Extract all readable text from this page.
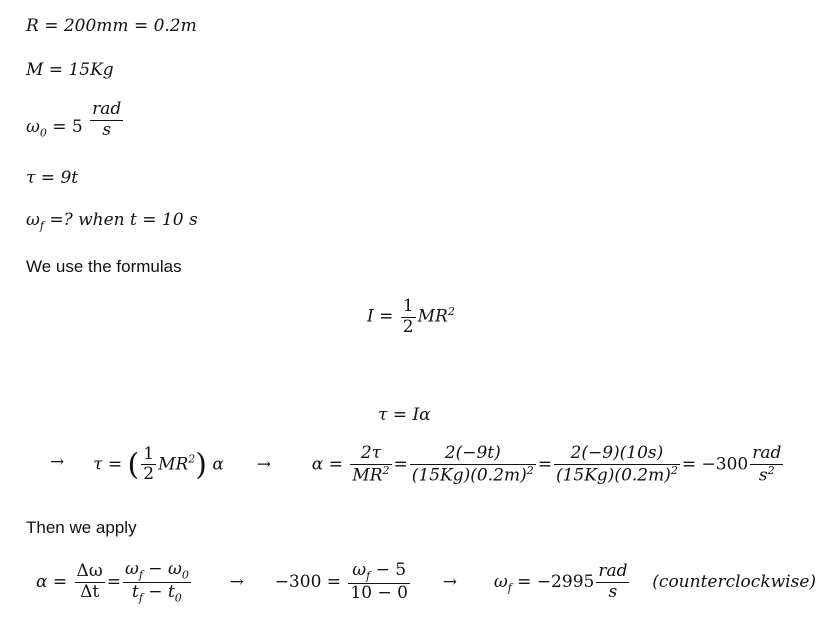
R = 200mm = 0.2m
M = 15Kg
$\omega_0 = 5 \frac{\text{rad}}{s}$
τ = 9t
$\omega_f$ =? when t = 10 s
We use the formulas
$I = \frac{1}{2} MR^2$
τ = Iα
→ τ = ( $\frac{1}{2} MR^2$) $\alpha \to \alpha = \frac{2\tau}{MR^2} = \frac{2(-9t)}{(15Kg)(0.2m)^2} = \frac{2(-9)(10s)}{(15Kg)(0.2m)^2} = -300 \frac{\text{rad}}{s^2}$
Then we apply
$\alpha = \frac{\Delta\omega}{\Delta t} = \frac{\omega_f - \omega_0}{t_f - t_0} \to -300 = \frac{\omega_f - 5}{10 - 0} \to \omega_f = -2995 \frac{\text{rad}}{s}$ (counterclockwise)
